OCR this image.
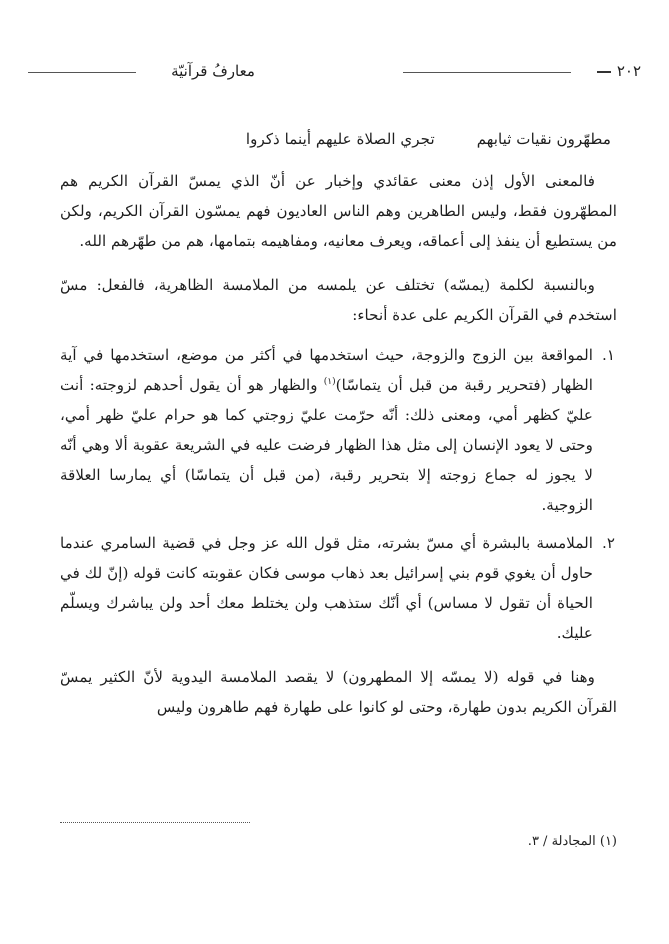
٢٠٢
معارفُ قرآنيّة
مطهّرون نقيات ثيابهم
تجري الصلاة عليهم أينما ذكروا

فالمعنى الأول إذن معنى عقائدي وإخبار عن أنّ الذي يمسّ القرآن الكريم هم المطهّرون فقط، وليس الطاهرين وهم الناس العاديون فهم يمسّون القرآن الكريم، ولكن من يستطيع أن ينفذ إلى أعماقه، ويعرف معانيه، ومفاهيمه بتمامها، هم من طهّرهم الله.

وبالنسبة لكلمة (يمسّه) تختلف عن يلمسه من الملامسة الظاهرية، فالفعل: مسّ استخدم في القرآن الكريم على عدة أنحاء:

١.
المواقعة بين الزوج والزوجة، حيث استخدمها في أكثر من موضع، استخدمها في آية الظهار (فتحرير رقبة من قبل أن يتماسّا)$^{(١)}$ والظهار هو أن يقول أحدهم لزوجته: أنت عليّ كظهر أمي، ومعنى ذلك: أنّه حرّمت عليّ زوجتي كما هو حرام عليّ ظهر أمي، وحتى لا يعود الإنسان إلى مثل هذا الظهار فرضت عليه في الشريعة عقوبة ألا وهي أنّه لا يجوز له جماع زوجته إلا بتحرير رقبة، (من قبل أن يتماسّا) أي يمارسا العلاقة الزوجية.
٢.
الملامسة بالبشرة أي مسّ بشرته، مثل قول الله عز وجل في قضية السامري عندما حاول أن يغوي قوم بني إسرائيل بعد ذهاب موسى فكان عقوبته كانت قوله (إنّ لك في الحياة أن تقول لا مساس) أي أنّك ستذهب ولن يختلط معك أحد ولن يباشرك ويسلّم عليك.

وهنا في قوله (لا يمسّه إلا المطهرون) لا يقصد الملامسة اليدوية لأنّ الكثير يمسّ القرآن الكريم بدون طهارة، وحتى لو كانوا على طهارة فهم طاهرون وليس

(١) المجادلة / ٣.
